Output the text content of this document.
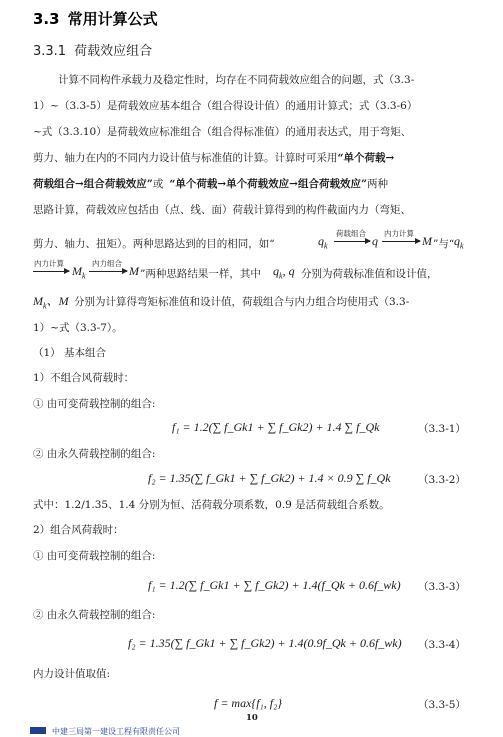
3.3 常用计算公式
3.3.1 荷载效应组合
计算不同构件承载力及稳定性时，均存在不同荷载效应组合的问题，式（3.3-
1）~（3.3-5）是荷载效应基本组合（组合得设计值）的通用计算式；式（3.3-6）
~式（3.3.10）是荷载效应标准组合（组合得标准值）的通用表达式，用于弯矩、
剪力、轴力在内的不同内力设计值与标准值的计算。计算时可采用“单个荷载→
荷载组合→组合荷载效应”或 “单个荷载→单个荷载效应→组合荷载效应”两种
思路计算，荷载效应包括由（点、线、面）荷载计算得到的构件截面内力（弯矩、
剪力、轴力、扭矩）。两种思路达到的目的相同，如“	$q_k$
荷载组合
q
内力计算
M ”与“ $q_k$
内力计算
$M_k$
内力组合
M ”两种思路结果一样，其中 $q_k$, q 分别为荷载标准值和设计值，
$M_k$、M 分别为计算得弯矩标准值和设计值，荷载组合与内力组合均使用式（3.3-
1）~式（3.3-7）。
（1） 基本组合
1）不组合风荷载时：
① 由可变荷载控制的组合:
f₁ = 1.2(∑ f_Gk1 + ∑ f_Gk2) + 1.4 ∑ f_Qk	（3.3-1）
② 由永久荷载控制的组合:
f₂ = 1.35(∑ f_Gk1 + ∑ f_Gk2) + 1.4 × 0.9 ∑ f_Qk	（3.3-2）
式中：1.2/1.35、1.4 分别为恒、活荷载分项系数，0.9 是活荷载组合系数。
2）组合风荷载时：
① 由可变荷载控制的组合:
f₁ = 1.2(∑ f_Gk1 + ∑ f_Gk2) + 1.4(f_Qk + 0.6f_wk) （3.3-3）
② 由永久荷载控制的组合:
f₂ = 1.35(∑ f_Gk1 + ∑ f_Gk2) + 1.4(0.9f_Qk + 0.6f_wk) （3.3-4）
内力设计值取值:
f = max{f₁, f₂}	（3.3-5）
10
中建三局第一建设工程有限责任公司
